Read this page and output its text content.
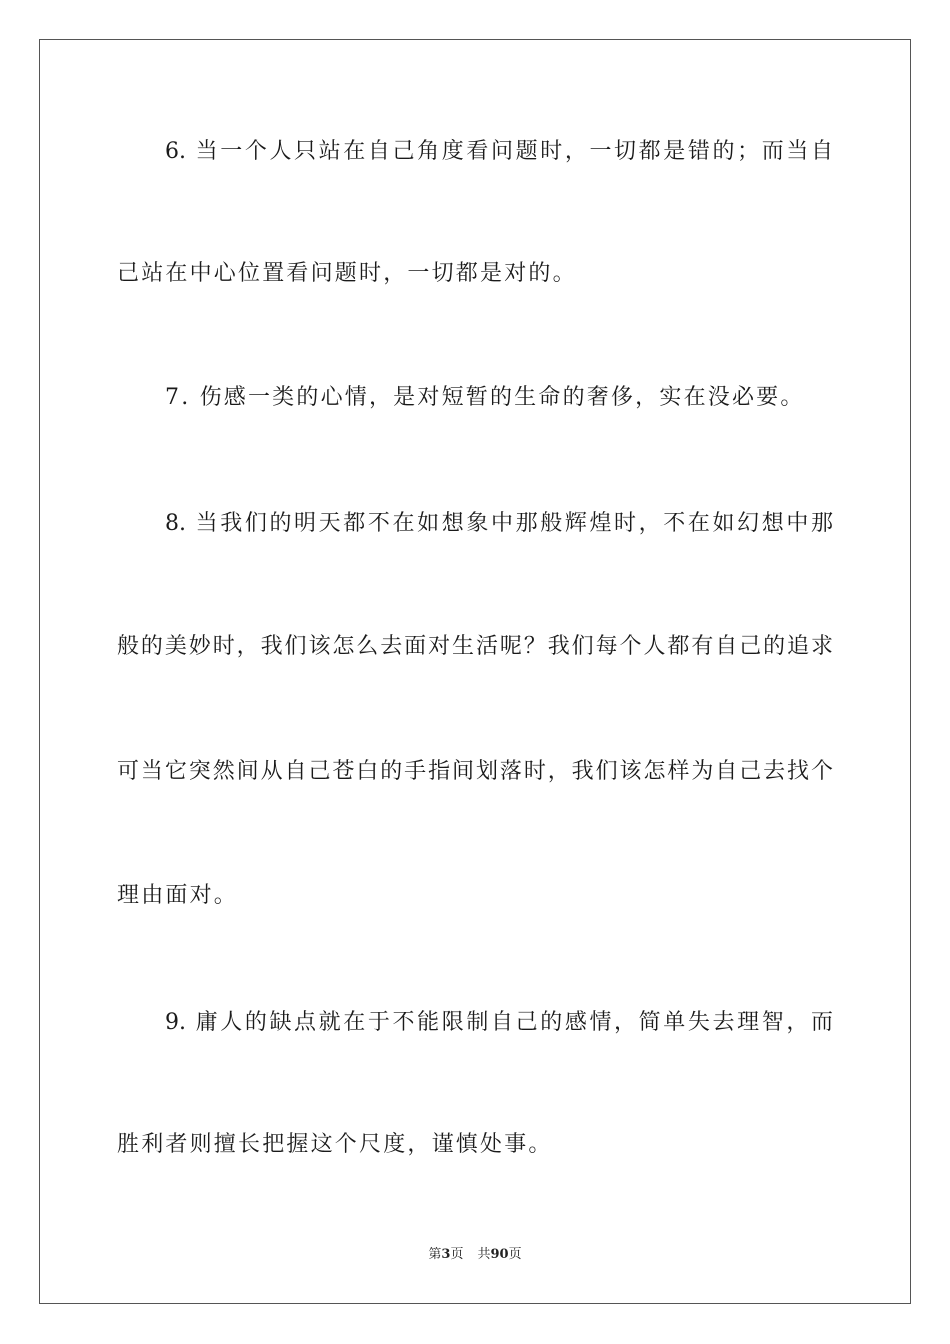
6. 当一个人只站在自己角度看问题时，一切都是错的；而当自
己站在中心位置看问题时，一切都是对的。
7. 伤感一类的心情，是对短暂的生命的奢侈，实在没必要。
8. 当我们的明天都不在如想象中那般辉煌时，不在如幻想中那
般的美妙时，我们该怎么去面对生活呢？我们每个人都有自己的追求
可当它突然间从自己苍白的手指间划落时，我们该怎样为自己去找个
理由面对。
9. 庸人的缺点就在于不能限制自己的感情，简单失去理智，而
胜利者则擅长把握这个尺度，谨慎处事。
第3页 共90页
